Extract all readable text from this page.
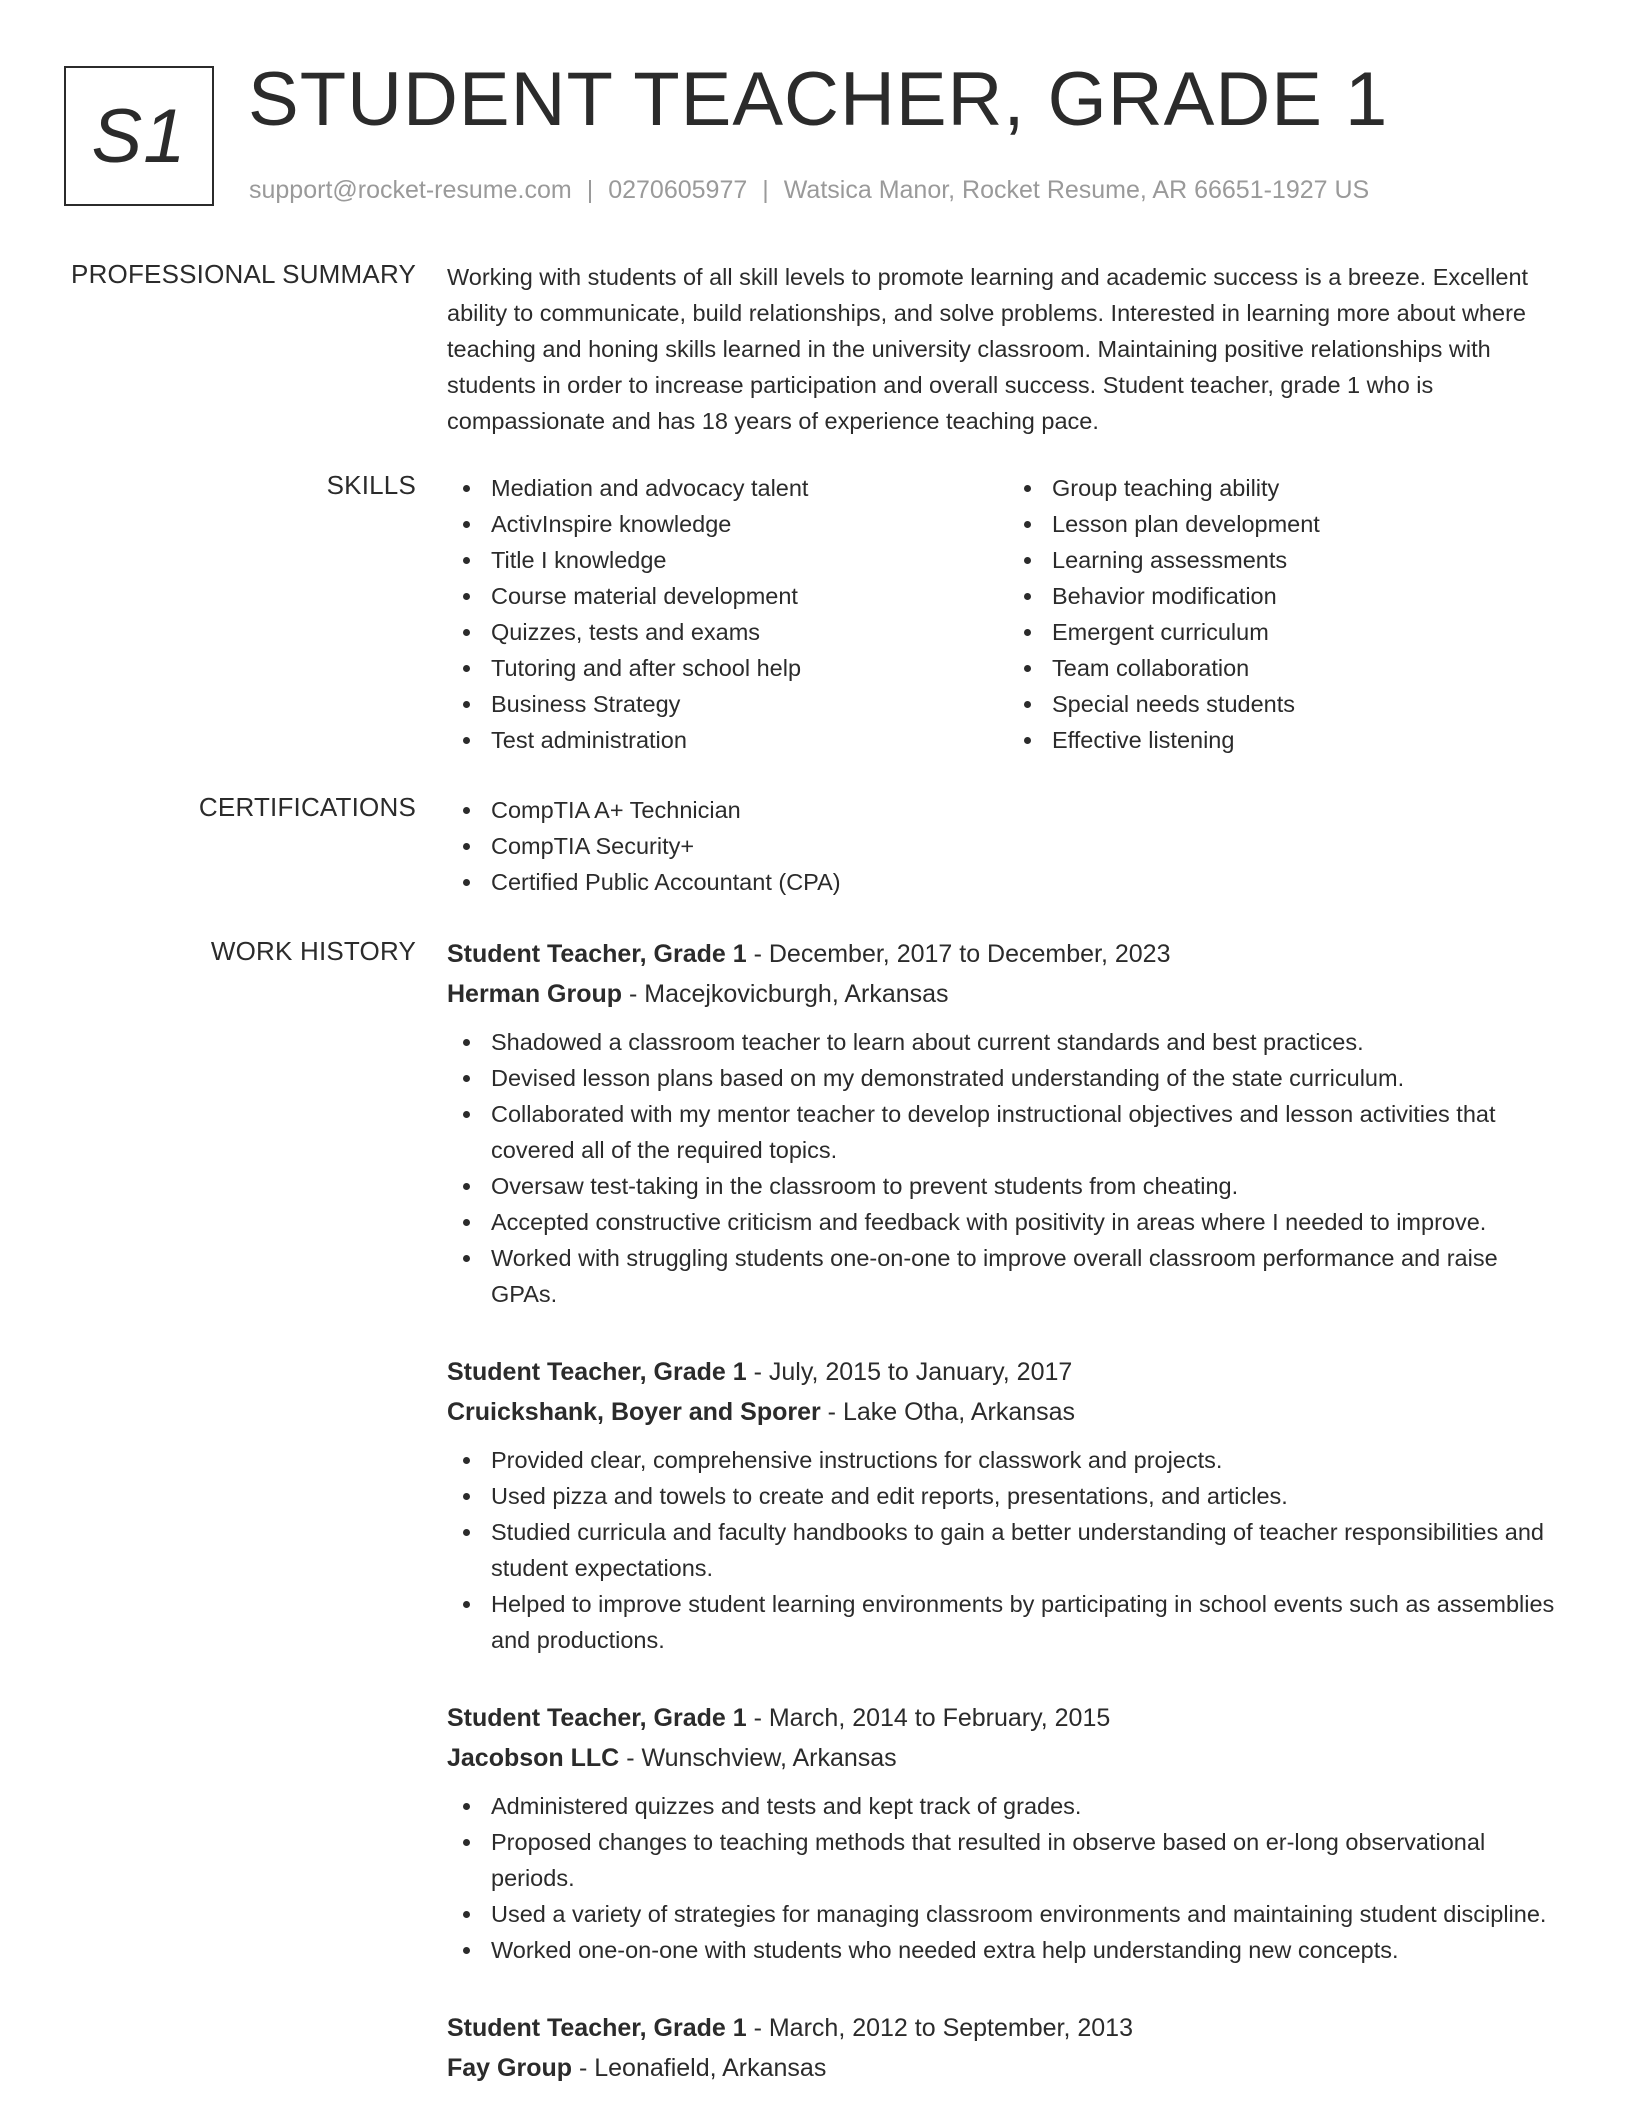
S1 STUDENT TEACHER, GRADE 1
support@rocket-resume.com | 0270605977 | Watsica Manor, Rocket Resume, AR 66651-1927 US
PROFESSIONAL SUMMARY Working with students of all skill levels to promote learning and academic success is a breeze. Excellent ability to communicate, build relationships, and solve problems. Interested in learning more about where teaching and honing skills learned in the university classroom. Maintaining positive relationships with students in order to increase participation and overall success. Student teacher, grade 1 who is compassionate and has 18 years of experience teaching pace.

SKILLS	Mediation and advocacy talent
ActivInspire knowledge
Title I knowledge
Course material development
Quizzes, tests and exams
Tutoring and after school help
Business Strategy
Test administration
Group teaching ability
Lesson plan development
Learning assessments
Behavior modification
Emergent curriculum
Team collaboration
Special needs students
Effective listening
CERTIFICATIONS	CompTIA A+ Technician
CompTIA Security+
Certified Public Accountant (CPA)
WORK HISTORY Student Teacher, Grade 1 - December, 2017 to December, 2023
Herman Group - Macejkovicburgh, Arkansas
Shadowed a classroom teacher to learn about current standards and best practices.
Devised lesson plans based on my demonstrated understanding of the state curriculum.
Collaborated with my mentor teacher to develop instructional objectives and lesson activities that covered all of the required topics.
Oversaw test-taking in the classroom to prevent students from cheating.
Accepted constructive criticism and feedback with positivity in areas where I needed to improve.
Worked with struggling students one-on-one to improve overall classroom performance and raise GPAs.
Student Teacher, Grade 1 - July, 2015 to January, 2017
Cruickshank, Boyer and Sporer - Lake Otha, Arkansas
Provided clear, comprehensive instructions for classwork and projects.
Used pizza and towels to create and edit reports, presentations, and articles.
Studied curricula and faculty handbooks to gain a better understanding of teacher responsibilities and student expectations.
Helped to improve student learning environments by participating in school events such as assemblies and productions.
Student Teacher, Grade 1 - March, 2014 to February, 2015
Jacobson LLC - Wunschview, Arkansas
Administered quizzes and tests and kept track of grades.
Proposed changes to teaching methods that resulted in observe based on er-long observational periods.
Used a variety of strategies for managing classroom environments and maintaining student discipline.
Worked one-on-one with students who needed extra help understanding new concepts.
Student Teacher, Grade 1 - March, 2012 to September, 2013
Fay Group - Leonafield, Arkansas
